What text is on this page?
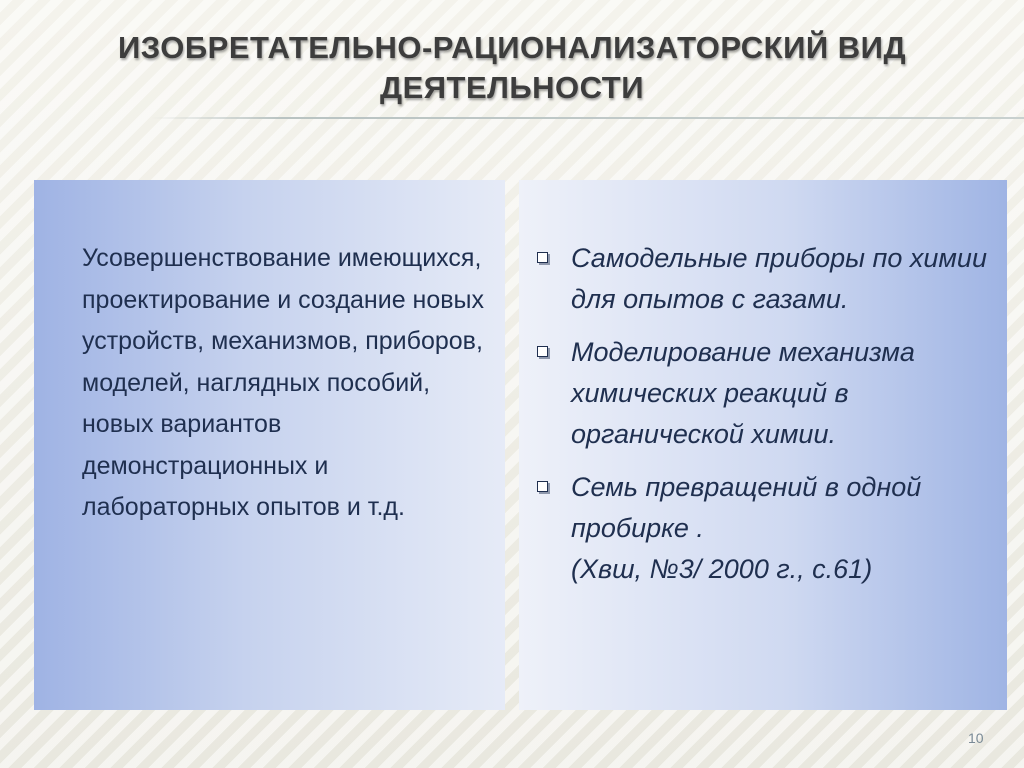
ИЗОБРЕТАТЕЛЬНО-РАЦИОНАЛИЗАТОРСКИЙ ВИД
ДЕЯТЕЛЬНОСТИ
Усовершенствование имеющихся, проектирование и создание новых устройств, механизмов, приборов, моделей, наглядных пособий, новых вариантов демонстрационных и лабораторных опытов и т.д.
Самодельные приборы по химии для опытов с газами.
Моделирование механизма химических реакций в органической химии.
Семь превращений в одной пробирке .
(Хвш, №3/ 2000 г., с.61)
10
